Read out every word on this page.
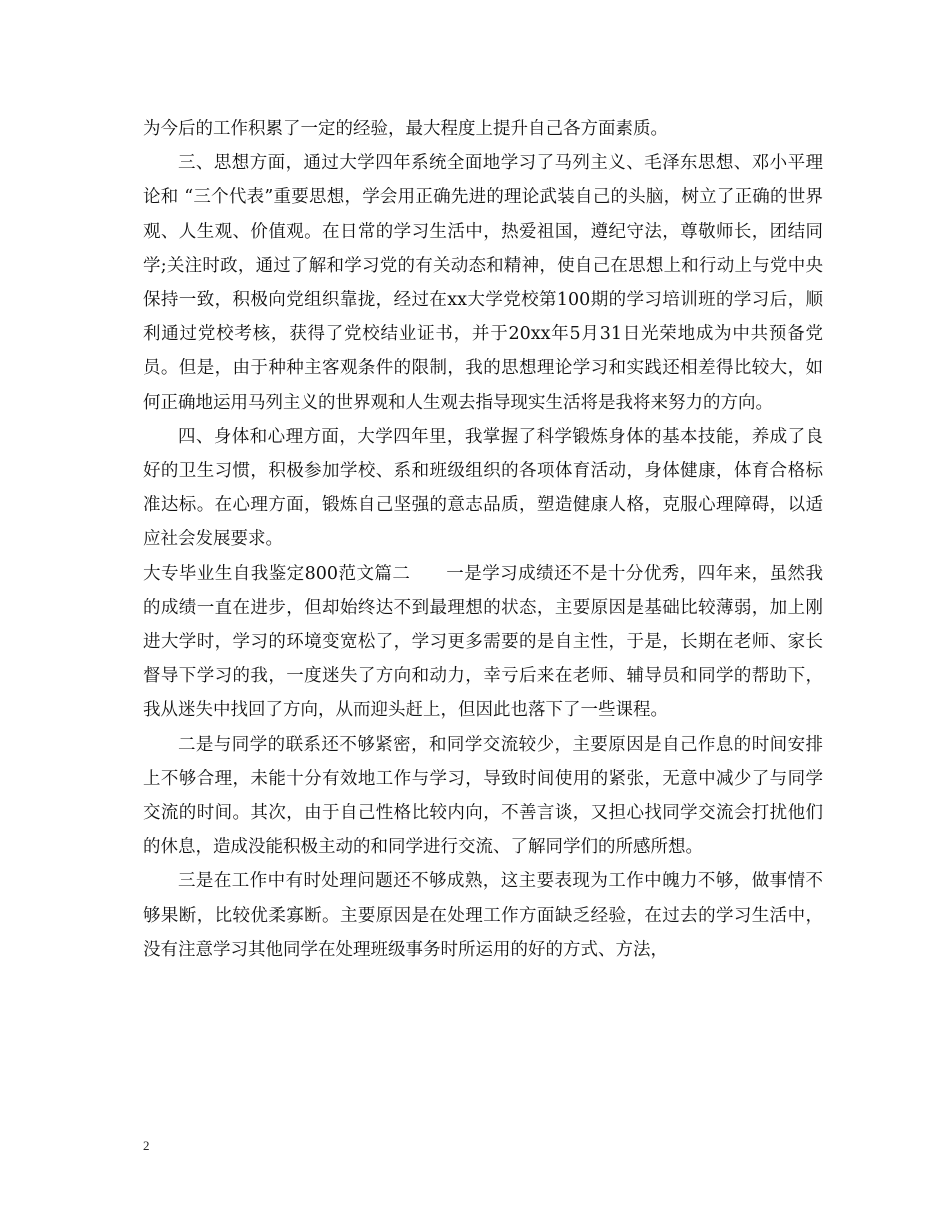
为今后的工作积累了一定的经验，最大程度上提升自己各方面素质。

三、思想方面，通过大学四年系统全面地学习了马列主义、毛泽东思想、邓小平理论和 “三个代表”重要思想，学会用正确先进的理论武装自己的头脑，树立了正确的世界观、人生观、价值观。在日常的学习生活中，热爱祖国，遵纪守法，尊敬师长，团结同学;关注时政，通过了解和学习党的有关动态和精神，使自己在思想上和行动上与党中央保持一致，积极向党组织靠拢，经过在xx大学党校第100期的学习培训班的学习后，顺利通过党校考核，获得了党校结业证书，并于20xx年5月31日光荣地成为中共预备党员。但是，由于种种主客观条件的限制，我的思想理论学习和实践还相差得比较大，如何正确地运用马列主义的世界观和人生观去指导现实生活将是我将来努力的方向。

四、身体和心理方面，大学四年里，我掌握了科学锻炼身体的基本技能，养成了良好的卫生习惯，积极参加学校、系和班级组织的各项体育活动，身体健康，体育合格标准达标。在心理方面，锻炼自己坚强的意志品质，塑造健康人格，克服心理障碍，以适应社会发展要求。

大专毕业生自我鉴定800范文篇二　　一是学习成绩还不是十分优秀，四年来，虽然我的成绩一直在进步，但却始终达不到最理想的状态，主要原因是基础比较薄弱，加上刚进大学时，学习的环境变宽松了，学习更多需要的是自主性，于是，长期在老师、家长督导下学习的我，一度迷失了方向和动力，幸亏后来在老师、辅导员和同学的帮助下，我从迷失中找回了方向，从而迎头赶上，但因此也落下了一些课程。

二是与同学的联系还不够紧密，和同学交流较少，主要原因是自己作息的时间安排上不够合理，未能十分有效地工作与学习，导致时间使用的紧张，无意中减少了与同学交流的时间。其次，由于自己性格比较内向，不善言谈，又担心找同学交流会打扰他们的休息，造成没能积极主动的和同学进行交流、了解同学们的所感所想。

三是在工作中有时处理问题还不够成熟，这主要表现为工作中魄力不够，做事情不够果断，比较优柔寡断。主要原因是在处理工作方面缺乏经验，在过去的学习生活中，没有注意学习其他同学在处理班级事务时所运用的好的方式、方法，

2
